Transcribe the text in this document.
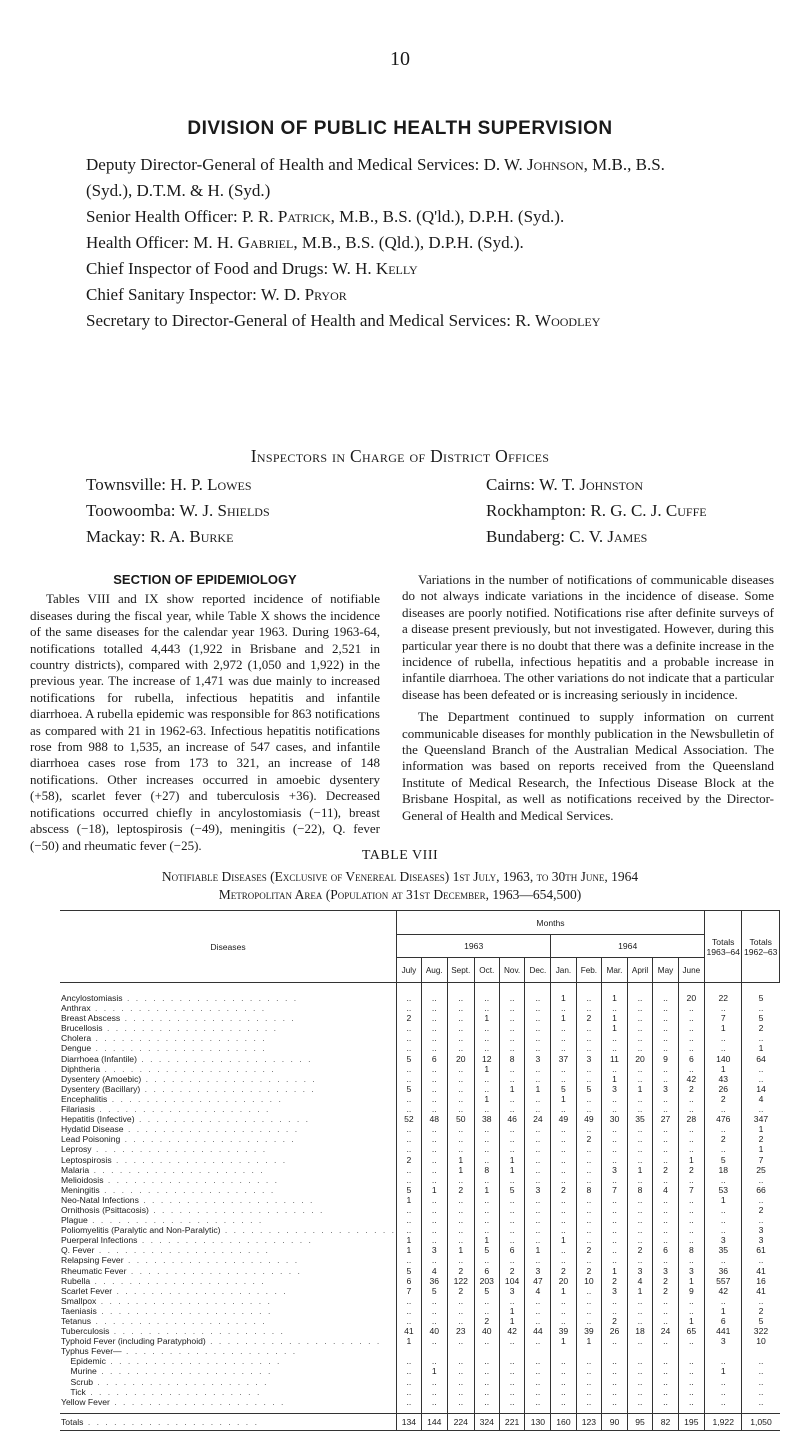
10
DIVISION OF PUBLIC HEALTH SUPERVISION
Deputy Director-General of Health and Medical Services: D. W. Johnson, M.B., B.S.
(Syd.), D.T.M. & H. (Syd.)
Senior Health Officer: P. R. Patrick, M.B., B.S. (Q'ld.), D.P.H. (Syd.).
Health Officer: M. H. Gabriel, M.B., B.S. (Qld.), D.P.H. (Syd.).
Chief Inspector of Food and Drugs: W. H. Kelly
Chief Sanitary Inspector: W. D. Pryor
Secretary to Director-General of Health and Medical Services: R. Woodley
Inspectors in Charge of District Offices
Townsville: H. P. Lowes	Cairns: W. T. Johnston
Toowoomba: W. J. Shields	Rockhampton: R. G. C. J. Cuffe
Mackay: R. A. Burke	Bundaberg: C. V. James
SECTION OF EPIDEMIOLOGY

Tables VIII and IX show reported incidence of notifiable diseases during the fiscal year, while Table X shows the incidence of the same diseases for the calendar year 1963. During 1963-64, notifications totalled 4,443 (1,922 in Brisbane and 2,521 in country districts), compared with 2,972 (1,050 and 1,922) in the previous year. The increase of 1,471 was due mainly to increased notifications for rubella, infectious hepatitis and infantile diarrhoea. A rubella epidemic was responsible for 863 notifications as compared with 21 in 1962-63. Infectious hepatitis notifications rose from 988 to 1,535, an increase of 547 cases, and infantile diarrhoea cases rose from 173 to 321, an increase of 148 notifications. Other increases occurred in amoebic dysentery (+58), scarlet fever (+27) and tuberculosis +36). Decreased notifications occurred chiefly in ancylostomiasis (−11), breast abscess (−18), leptospirosis (−49), meningitis (−22), Q. fever (−50) and rheumatic fever (−25).

Variations in the number of notifications of communicable diseases do not always indicate variations in the incidence of disease. Some diseases are poorly notified. Notifications rise after definite surveys of a disease present previously, but not investigated. However, during this particular year there is no doubt that there was a definite increase in the incidence of rubella, infectious hepatitis and a probable increase in infantile diarrhoea. The other variations do not indicate that a particular disease has been defeated or is increasing seriously in incidence.

The Department continued to supply information on current communicable diseases for monthly publication in the Newsbulletin of the Queensland Branch of the Australian Medical Association. The information was based on reports received from the Queensland Institute of Medical Research, the Infectious Disease Block at the Brisbane Hospital, as well as notifications received by the Director-General of Health and Medical Services.

TABLE VIII
Notifiable Diseases (Exclusive of Venereal Diseases) 1st July, 1963, to 30th June, 1964
Metropolitan Area (Population at 31st December, 1963—654,500)
Diseases	Months												Totals 1963–64	Totals 1962–63
	1963						1964							
	July	Aug.	Sept.	Oct.	Nov.	Dec.	Jan.	Feb.	Mar.	April	May	June		

Ancylostomiasis . . . . . . . . . . . . . . . . . . . .	..	..	..	..	..	..	1	..	1	..	..	20	22	5
Anthrax . . . . . . . . . . . . . . . . . . . .	..	..	..	..	..	..	..	..	..	..	..	..	..	..
Breast Abscess . . . . . . . . . . . . . . . . . . . .	2	..	..	1	..	..	1	2	1	..	..	..	7	5
Brucellosis . . . . . . . . . . . . . . . . . . . .	..	..	..	..	..	..	..	..	1	..	..	..	1	2
Cholera . . . . . . . . . . . . . . . . . . . .	..	..	..	..	..	..	..	..	..	..	..	..	..	..
Dengue . . . . . . . . . . . . . . . . . . . .	..	..	..	..	..	..	..	..	..	..	..	..	..	1
Diarrhoea (Infantile) . . . . . . . . . . . . . . . . . . . .	5	6	20	12	8	3	37	3	11	20	9	6	140	64
Diphtheria . . . . . . . . . . . . . . . . . . . .	..	..	..	1	..	..	..	..	..	..	..	..	1	..
Dysentery (Amoebic) . . . . . . . . . . . . . . . . . . . .	..	..	..	..	..	..	..	..	1	..	..	42	43	..
Dysentery (Bacillary) . . . . . . . . . . . . . . . . . . . .	5	..	..	..	1	1	5	5	3	1	3	2	26	14
Encephalitis . . . . . . . . . . . . . . . . . . . .	..	..	..	1	..	..	1	..	..	..	..	..	2	4
Filariasis . . . . . . . . . . . . . . . . . . . .	..	..	..	..	..	..	..	..	..	..	..	..	..	..
Hepatitis (Infective) . . . . . . . . . . . . . . . . . . . .	52	48	50	38	46	24	49	49	30	35	27	28	476	347
Hydatid Disease . . . . . . . . . . . . . . . . . . . .	..	..	..	..	..	..	..	..	..	..	..	..	..	1
Lead Poisoning . . . . . . . . . . . . . . . . . . . .	..	..	..	..	..	..	..	2	..	..	..	..	2	2
Leprosy . . . . . . . . . . . . . . . . . . . .	..	..	..	..	..	..	..	..	..	..	..	..	..	1
Leptospirosis . . . . . . . . . . . . . . . . . . . .	2	..	1	..	1	..	..	..	..	..	..	1	5	7
Malaria . . . . . . . . . . . . . . . . . . . .	..	..	1	8	1	..	..	..	3	1	2	2	18	25
Melioidosis . . . . . . . . . . . . . . . . . . . .	..	..	..	..	..	..	..	..	..	..	..	..	..	..
Meningitis . . . . . . . . . . . . . . . . . . . .	5	1	2	1	5	3	2	8	7	8	4	7	53	66
Neo-Natal Infections . . . . . . . . . . . . . . . . . . . .	1	..	..	..	..	..	..	..	..	..	..	..	1	..
Ornithosis (Psittacosis) . . . . . . . . . . . . . . . . . . . .	..	..	..	..	..	..	..	..	..	..	..	..	..	2
Plague . . . . . . . . . . . . . . . . . . . .	..	..	..	..	..	..	..	..	..	..	..	..	..	..
Poliomyelitis (Paralytic and Non-Paralytic) . . . . . . . . . . . . . . . . . . . .	..	..	..	..	..	..	..	..	..	..	..	..	..	3
Puerperal Infections . . . . . . . . . . . . . . . . . . . .	1	..	..	1	..	..	1	..	..	..	..	..	3	3
Q. Fever . . . . . . . . . . . . . . . . . . . .	1	3	1	5	6	1	..	2	..	2	6	8	35	61
Relapsing Fever . . . . . . . . . . . . . . . . . . . .	..	..	..	..	..	..	..	..	..	..	..	..	..	..
Rheumatic Fever . . . . . . . . . . . . . . . . . . . .	5	4	2	6	2	3	2	2	1	3	3	3	36	41
Rubella . . . . . . . . . . . . . . . . . . . .	6	36	122	203	104	47	20	10	2	4	2	1	557	16
Scarlet Fever . . . . . . . . . . . . . . . . . . . .	7	5	2	5	3	4	1	..	3	1	2	9	42	41
Smallpox . . . . . . . . . . . . . . . . . . . .	..	..	..	..	..	..	..	..	..	..	..	..	..	..
Taeniasis . . . . . . . . . . . . . . . . . . . .	..	..	..	..	1	..	..	..	..	..	..	..	1	2
Tetanus . . . . . . . . . . . . . . . . . . . .	..	..	..	2	1	..	..	..	2	..	..	1	6	5
Tuberculosis . . . . . . . . . . . . . . . . . . . .	41	40	23	40	42	44	39	39	26	18	24	65	441	322
Typhoid Fever (including Paratyphoid) . . . . . . . . . . . . . . . . . . . .	1	..	..	..	..	..	1	1	..	..	..	..	3	10
Typhus Fever— . . . . . . . . . . . . . . . . . . . .														
Epidemic . . . . . . . . . . . . . . . . . . . .	..	..	..	..	..	..	..	..	..	..	..	..	..	..
Murine . . . . . . . . . . . . . . . . . . . .	..	1	..	..	..	..	..	..	..	..	..	..	1	..
Scrub . . . . . . . . . . . . . . . . . . . .	..	..	..	..	..	..	..	..	..	..	..	..	..	..
Tick . . . . . . . . . . . . . . . . . . . .	..	..	..	..	..	..	..	..	..	..	..	..	..	..
Yellow Fever . . . . . . . . . . . . . . . . . . . .	..	..	..	..	..	..	..	..	..	..	..	..	..	..

Totals . . . . . . . . . . . . . . . . . . . .	134	144	224	324	221	130	160	123	90	95	82	195	1,922	1,050
